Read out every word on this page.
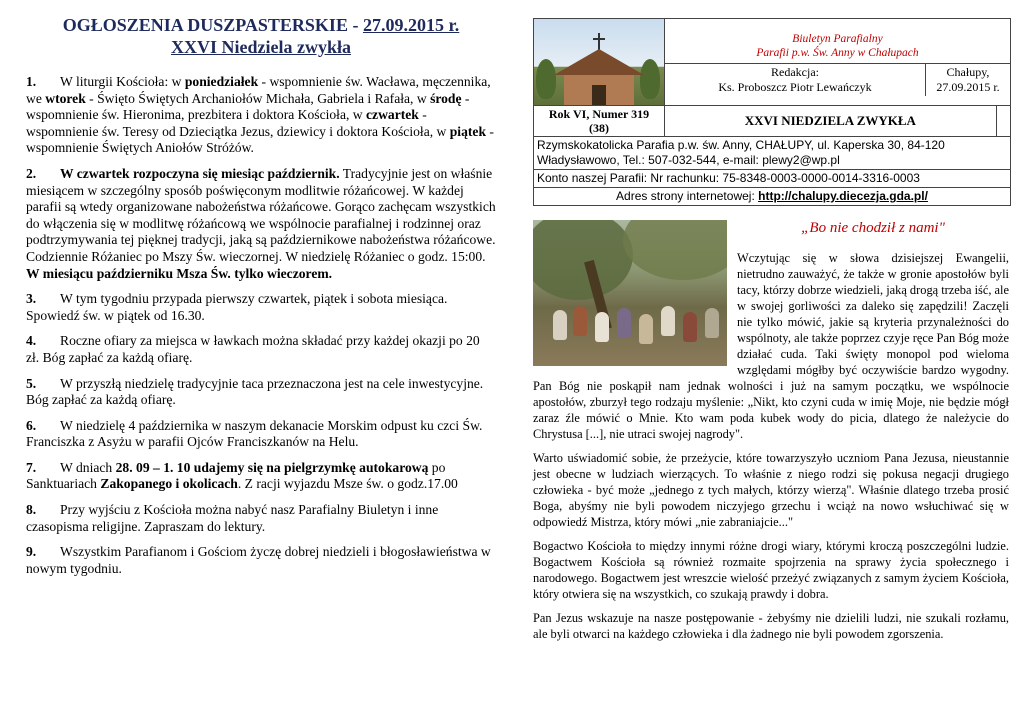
OGŁOSZENIA DUSZPASTERSKIE - 27.09.2015 r.
XXVI Niedziela zwykła
1. W liturgii Kościoła: w poniedziałek - wspomnienie św. Wacława, męczennika, we wtorek - Święto Świętych Archaniołów Michała, Gabriela i Rafała, w środę - wspomnienie św. Hieronima, prezbitera i doktora Kościoła, w czwartek - wspomnienie św. Teresy od Dzieciątka Jezus, dziewicy i doktora Kościoła, w piątek - wspomnienie Świętych Aniołów Stróżów.
2. W czwartek rozpoczyna się miesiąc październik. Tradycyjnie jest on właśnie miesiącem w szczególny sposób poświęconym modlitwie różańcowej. W każdej parafii są wtedy organizowane nabożeństwa różańcowe. Gorąco zachęcam wszystkich do włączenia się w modlitwę różańcową we wspólnocie parafialnej i rodzinnej oraz podtrzymywania tej pięknej tradycji, jaką są październikowe nabożeństwa różańcowe. Codziennie Różaniec po Mszy Św. wieczornej. W niedzielę Różaniec o godz. 15:00. W miesiącu październiku Msza Św. tylko wieczorem.
3. W tym tygodniu przypada pierwszy czwartek, piątek i sobota miesiąca. Spowiedź św. w piątek od 16.30.
4. Roczne ofiary za miejsca w ławkach można składać przy każdej okazji po 20 zł. Bóg zapłać za każdą ofiarę.
5. W przyszłą niedzielę tradycyjnie taca przeznaczona jest na cele inwestycyjne. Bóg zapłać za każdą ofiarę.
6. W niedzielę 4 października w naszym dekanacie Morskim odpust ku czci Św. Franciszka z Asyżu w parafii Ojców Franciszkanów na Helu.
7. W dniach 28. 09 – 1. 10 udajemy się na pielgrzymkę autokarową po Sanktuariach Zakopanego i okolicach. Z racji wyjazdu Msze św. o godz.17.00
8. Przy wyjściu z Kościoła można nabyć nasz Parafialny Biuletyn i inne czasopisma religijne. Zapraszam do lektury.
9. Wszystkim Parafianom i Gościom życzę dobrej niedzieli i błogosławieństwa w nowym tygodniu.

Biuletyn Parafialny
Parafii p.w. Św. Anny w Chałupach
Redakcja:
Ks. Proboszcz Piotr Lewańczyk

Chałupy,
27.09.2015 r.

Rok VI, Numer 319
(38)	XXVI NIEDZIELA ZWYKŁA	
Rzymskokatolicka Parafia p.w. św. Anny, CHAŁUPY, ul. Kaperska 30, 84-120 Władysławowo, Tel.: 507-032-544, e-mail: plewy2@wp.pl
Konto naszej Parafii: Nr rachunku: 75-8348-0003-0000-0014-3316-0003
Adres strony internetowej: http://chalupy.diecezja.gda.pl/
„Bo nie chodził z nami"

Wczytując się w słowa dzisiejszej Ewangelii, nietrudno zauważyć, że także w gronie apostołów byli tacy, którzy dobrze wiedzieli, jaką drogą trzeba iść, ale w swojej gorliwości za daleko się zapędzili! Zaczęli nie tylko mówić, jakie są kryteria przynależności do wspólnoty, ale także poprzez czyje ręce Pan Bóg może działać cuda. Taki święty monopol pod wieloma względami mógłby być oczywiście bardzo wygodny. Pan Bóg nie poskąpił nam jednak wolności i już na samym początku, we wspólnocie apostołów, zburzył tego rodzaju myślenie: „Nikt, kto czyni cuda w imię Moje, nie będzie mógł zaraz źle mówić o Mnie. Kto wam poda kubek wody do picia, dlatego że należycie do Chrystusa [...], nie utraci swojej nagrody".

Warto uświadomić sobie, że przeżycie, które towarzyszyło uczniom Pana Jezusa, nieustannie jest obecne w ludziach wierzących. To właśnie z niego rodzi się pokusa negacji drugiego człowieka - być może „jednego z tych małych, którzy wierzą". Właśnie dlatego trzeba prosić Boga, abyśmy nie byli powodem niczyjego grzechu i wciąż na nowo wsłuchiwać się w odpowiedź Mistrza, który mówi „nie zabraniajcie..."

Bogactwo Kościoła to między innymi różne drogi wiary, którymi kroczą poszczególni ludzie. Bogactwem Kościoła są również rozmaite spojrzenia na sprawy życia społecznego i narodowego. Bogactwem jest wreszcie wielość przeżyć związanych z samym życiem Kościoła, który otwiera się na wszystkich, co szukają prawdy i dobra.

Pan Jezus wskazuje na nasze postępowanie - żebyśmy nie dzielili ludzi, nie szukali rozłamu, ale byli otwarci na każdego człowieka i dla żadnego nie byli powodem zgorszenia.
